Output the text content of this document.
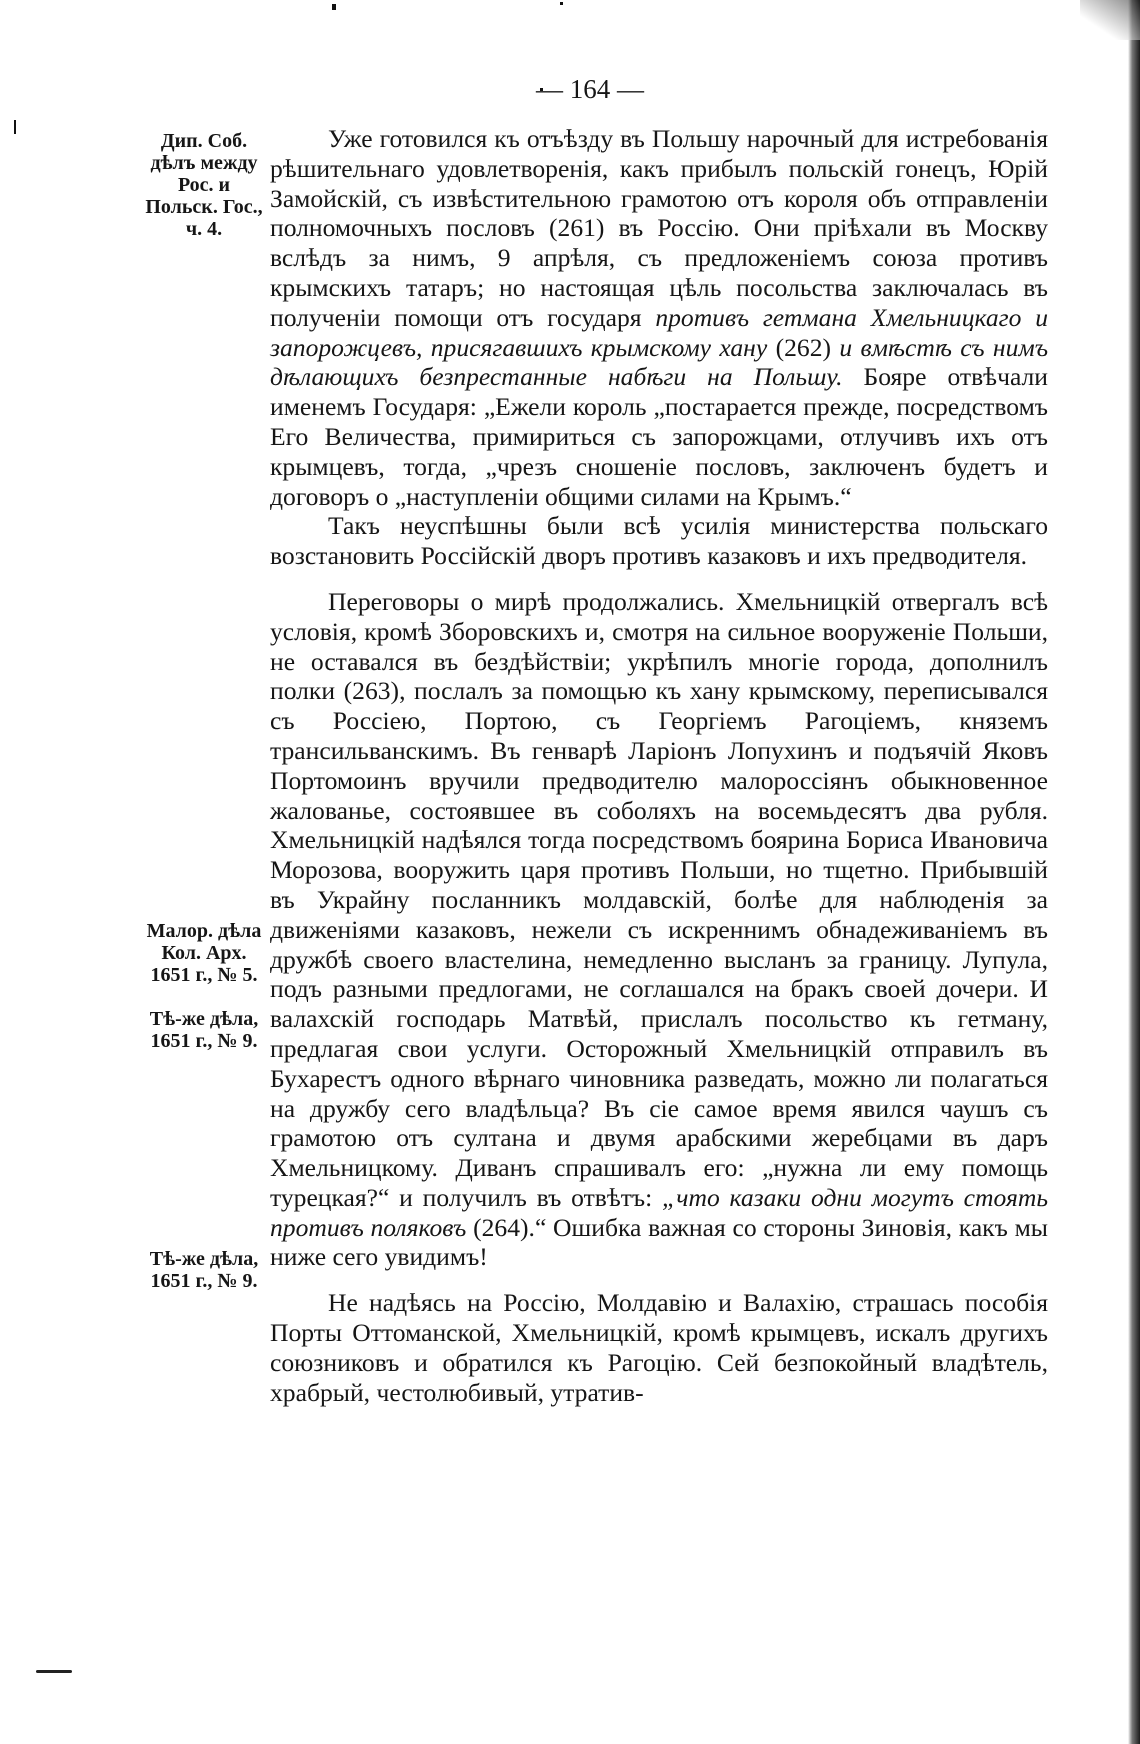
— 164 —
Дип. Соб. дѣлъ между Рос. и Польск. Гос., ч. 4.
Малор. дѣла Кол. Арх. 1651 г., № 5.
Тѣ-же дѣла, 1651 г., № 9.
Тѣ-же дѣла, 1651 г., № 9.

Уже готовился къ отъѣзду въ Польшу нарочный для истребованія рѣшительнаго удовлетворенія, какъ прибылъ польскій гонецъ, Юрій Замойскій, съ извѣстительною грамотою отъ короля объ отправленіи полномочныхъ пословъ (261) въ Россію. Они пріѣхали въ Москву вслѣдъ за нимъ, 9 апрѣля, съ предложеніемъ союза противъ крымскихъ татаръ; но настоящая цѣль посольства заключалась въ полученіи помощи отъ государя противъ гетмана Хмельницкаго и запорожцевъ, присягавшихъ крымскому хану (262) и вмѣстѣ съ нимъ дѣлающихъ безпрестанные набѣги на Польшу. Бояре отвѣчали именемъ Государя: „Ежели король „постарается прежде, посредствомъ Его Величества, примириться съ запорожцами, отлучивъ ихъ отъ крымцевъ, тогда, „чрезъ сношеніе пословъ, заключенъ будетъ и договоръ о „наступленіи общими силами на Крымъ.“

Такъ неуспѣшны были всѣ усилія министерства польскаго возстановить Россійскій дворъ противъ казаковъ и ихъ предводителя.

Переговоры о мирѣ продолжались. Хмельницкій отвергалъ всѣ условія, кромѣ Зборовскихъ и, смотря на сильное вооруженіе Польши, не оставался въ бездѣйствіи; укрѣпилъ многіе города, дополнилъ полки (263), послалъ за помощью къ хану крымскому, переписывался съ Россіею, Портою, съ Георгіемъ Рагоціемъ, княземъ трансильванскимъ. Въ генварѣ Ларіонъ Лопухинъ и подъячій Яковъ Портомоинъ вручили предводителю малороссіянъ обыкновенное жалованье, состоявшее въ соболяхъ на восемьдесятъ два рубля. Хмельницкій надѣялся тогда посредствомъ боярина Бориса Ивановича Морозова, вооружить царя противъ Польши, но тщетно. Прибывшій въ Украйну посланникъ молдавскій, болѣе для наблюденія за движеніями казаковъ, нежели съ искреннимъ обнадеживаніемъ въ дружбѣ своего властелина, немедленно высланъ за границу. Лупула, подъ разными предлогами, не соглашался на бракъ своей дочери. И валахскій господарь Матвѣй, прислалъ посольство къ гетману, предлагая свои услуги. Осторожный Хмельницкій отправилъ въ Бухарестъ одного вѣрнаго чиновника разведать, можно ли полагаться на дружбу сего владѣльца? Въ сіе самое время явился чаушъ съ грамотою отъ султана и двумя арабскими жеребцами въ даръ Хмельницкому. Диванъ спрашивалъ его: „нужна ли ему помощь турецкая?“ и получилъ въ отвѣтъ: „что казаки одни могутъ стоять противъ поляковъ (264).“ Ошибка важная со стороны Зиновія, какъ мы ниже сего увидимъ!

Не надѣясь на Россію, Молдавію и Валахію, страшась пособія Порты Оттоманской, Хмельницкій, кромѣ крымцевъ, искалъ другихъ союзниковъ и обратился къ Рагоцію. Сей безпокойный владѣтель, храбрый, честолюбивый, утратив-
